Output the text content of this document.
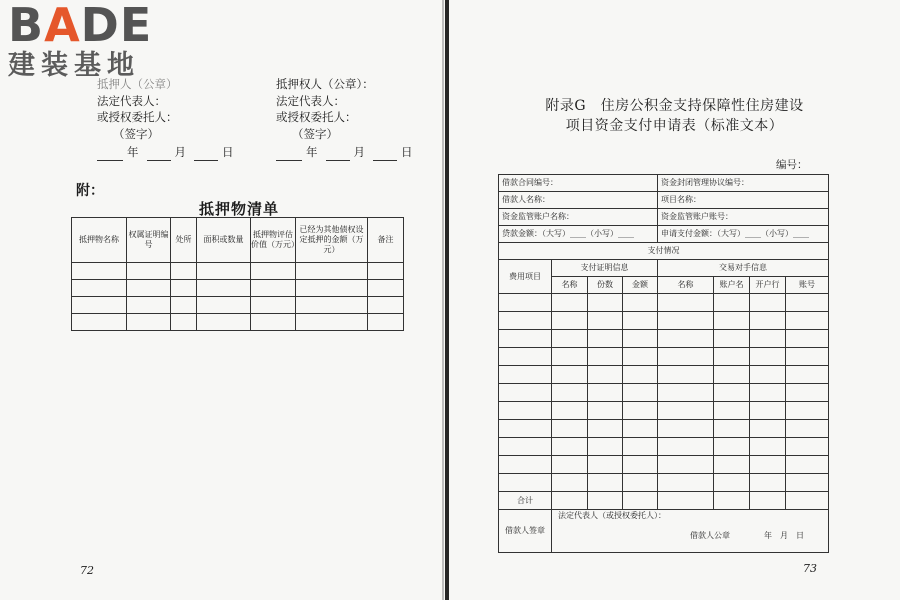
BADE
建装基地
抵押人（公章）
法定代表人：
或授权委托人：
（签字）
年	月	日
抵押权人（公章）：
法定代表人：
或授权委托人：
（签字）
年	月	日
附：
抵押物清单
抵押物名称	权属证明编号	处所	面积或数量	抵押物评估价值（万元）	已经为其他债权设定抵押的金额（万元）	备注

72
附录G　住房公积金支持保障性住房建设
项目资金支付申请表（标准文本）
编号：
借款合同编号：				资金封闭管理协议编号：			
借款人名称：				项目名称：			
资金监管账户名称：				资金监管账户账号：			
贷款金额：（大写）____（小写）____				申请支付金额：（大写）____（小写）____			
支付情况							
费用项目	支付证明信息			交易对手信息			
	名称	份数	金额	名称	账户名	开户行	账号

合计							
借款人签章	法定代表人（或授权委托人）：
借款人公章 年　月　日						
73
